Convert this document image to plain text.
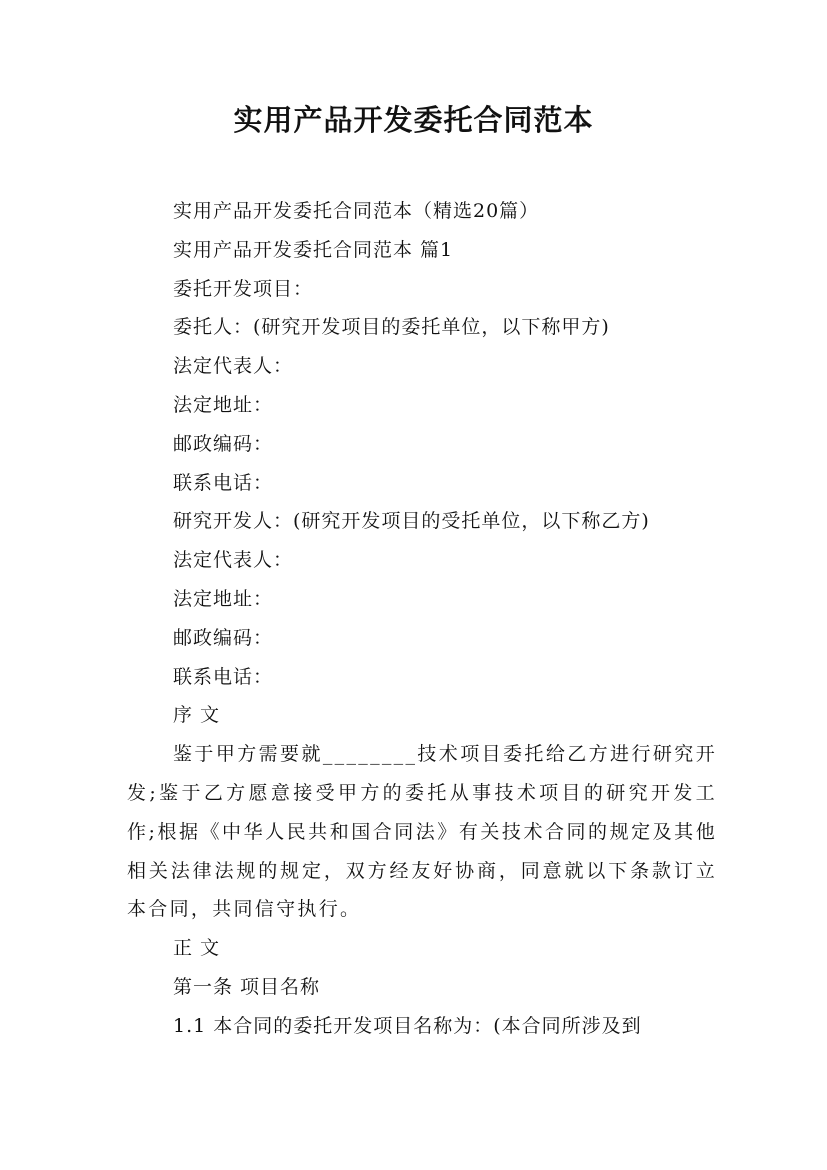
实用产品开发委托合同范本

实用产品开发委托合同范本（精选20篇）

实用产品开发委托合同范本 篇1

委托开发项目：

委托人：(研究开发项目的委托单位，以下称甲方)

法定代表人：

法定地址：

邮政编码：

联系电话：

研究开发人：(研究开发项目的受托单位，以下称乙方)

法定代表人：

法定地址：

邮政编码：

联系电话：

序 文

鉴于甲方需要就________技术项目委托给乙方进行研究开发;鉴于乙方愿意接受甲方的委托从事技术项目的研究开发工作;根据《中华人民共和国合同法》有关技术合同的规定及其他相关法律法规的规定，双方经友好协商，同意就以下条款订立本合同，共同信守执行。

正 文

第一条 项目名称

1.1 本合同的委托开发项目名称为：(本合同所涉及到
